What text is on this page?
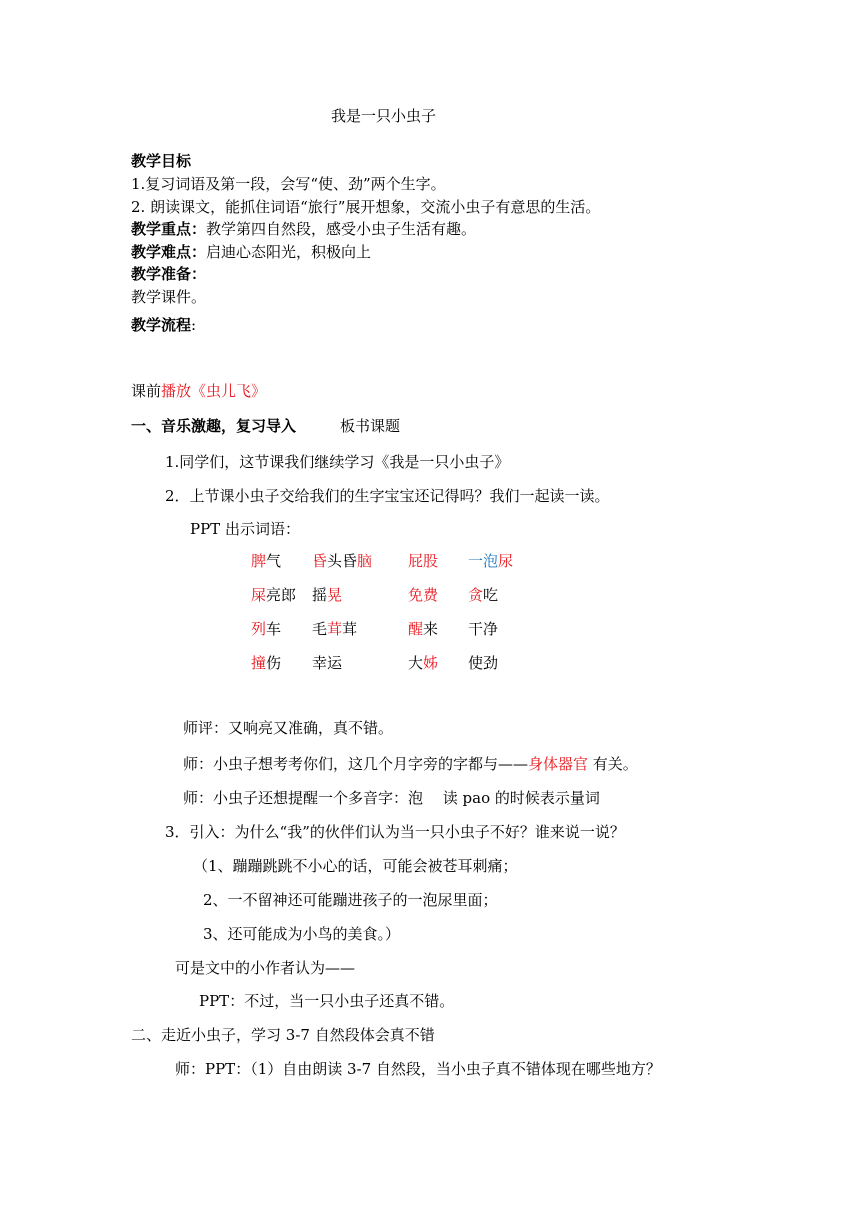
我是一只小虫子
教学目标
1.复习词语及第一段，会写“使、劲”两个生字。
2. 朗读课文，能抓住词语“旅行”展开想象，交流小虫子有意思的生活。
教学重点：教学第四自然段，感受小虫子生活有趣。
教学难点：启迪心态阳光，积极向上
教学准备：
教学课件。
教学流程:
课前播放《虫儿飞》
一、音乐激趣，复习导入	板书课题
1.同学们，这节课我们继续学习《我是一只小虫子》
2．上节课小虫子交给我们的生字宝宝还记得吗？我们一起读一读。
PPT 出示词语：
脾气 昏头昏脑 屁股 一泡尿
屎亮郎 摇晃	免费 贪吃
列车 毛茸茸	醒来 干净
撞伤 幸运	大姊 使劲
师评：又响亮又准确，真不错。
师：小虫子想考考你们，这几个月字旁的字都与——身体器官 有关。
师：小虫子还想提醒一个多音字：泡　 读 pao 的时候表示量词
3．引入：为什么“我”的伙伴们认为当一只小虫子不好？谁来说一说？
（1、蹦蹦跳跳不小心的话，可能会被苍耳刺痛；
2、一不留神还可能蹦进孩子的一泡尿里面；
3、还可能成为小鸟的美食。）
可是文中的小作者认为——
PPT：不过，当一只小虫子还真不错。
二、走近小虫子，学习 3-7 自然段体会真不错
师：PPT：（1）自由朗读 3-7 自然段，当小虫子真不错体现在哪些地方？
